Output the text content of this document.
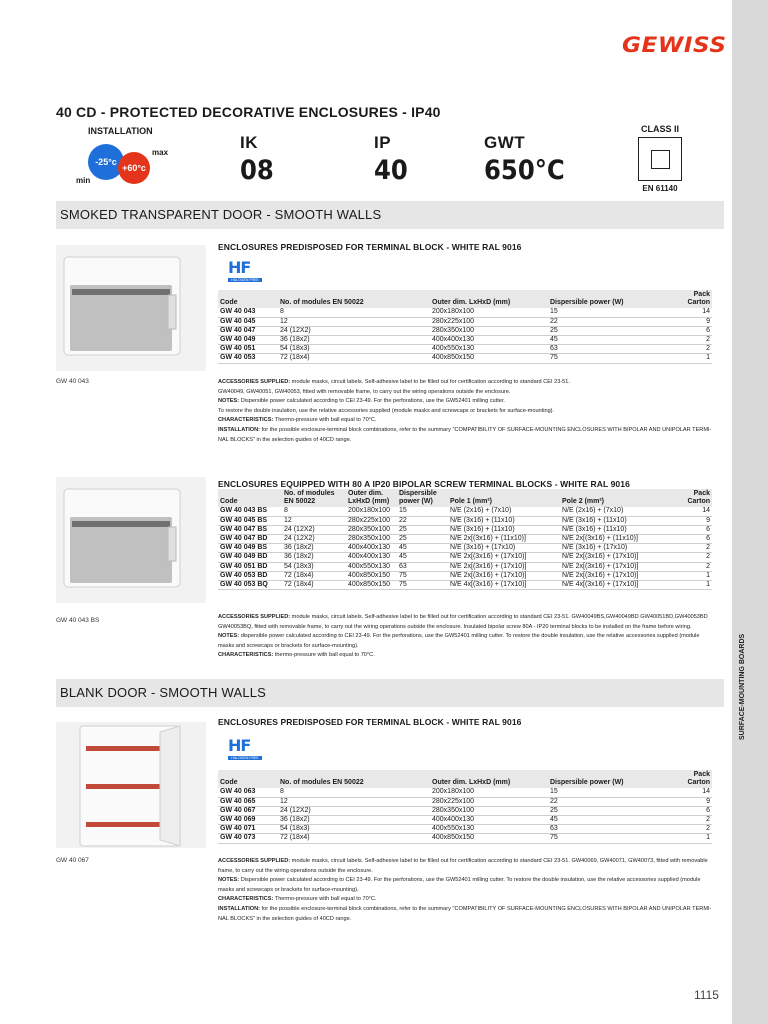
SURFACE-MOUNTING BOARDS
GEWISS
40 CD - PROTECTED DECORATIVE ENCLOSURES - IP40
INSTALLATION
-25°c
+60°c
min
max
IK
08
IP
40
GWT
650°C
CLASS II
EN 61140
SMOKED TRANSPARENT DOOR - SMOOTH WALLS
GW 40 043
ENCLOSURES PREDISPOSED FOR TERMINAL BLOCK - WHITE RAL 9016
HF
HALOGEN FREE
Code	No. of modules EN 50022	Outer dim. LxHxD (mm)	Dispersible power (W)	Pack Carton
GW 40 043	8	200x180x100	15	14
GW 40 045	12	280x225x100	22	9
GW 40 047	24 (12X2)	280x350x100	25	6
GW 40 049	36 (18x2)	400x400x130	45	2
GW 40 051	54 (18x3)	400x550x130	63	2
GW 40 053	72 (18x4)	400x850x150	75	1
ACCESSORIES SUPPLIED: module masks, circuit labels. Self-adhesive label to be filled out for certification according to standard CEI 23-51.
GW40049, GW40051, GW40053, fitted with removable frame, to carry out the wiring operations outside the enclosure.
NOTES: Dispersible power calculated according to CEI 23-49. For the perforations, use the GW52401 milling cutter.
To restore the double insulation, use the relative accessories supplied (module masks and screwcaps or brackets for surface-mounting).
CHARACTERISTICS: Thermo-pressure with ball equal to 70°C.
INSTALLATION: for the possible enclosure-terminal block combinations, refer to the summary "COMPATIBILITY OF SURFACE-MOUNTING ENCLOSURES WITH BIPOLAR AND UNIPOLAR TERMI-
NAL BLOCKS" in the selection guides of 40CD range.
GW 40 043 BS
ENCLOSURES EQUIPPED WITH 80 A IP20 BIPOLAR SCREW TERMINAL BLOCKS - WHITE RAL 9016
Code	No. of modules EN 50022	Outer dim. LxHxD (mm)	Dispersible power (W)	Pole 1 (mm²)	Pole 2 (mm²)	Pack Carton
GW 40 043 BS	8	200x180x100	15	N/E (2x16) + (7x10)	N/E (2x16) + (7x10)	14
GW 40 045 BS	12	280x225x100	22	N/E (3x16) + (11x10)	N/E (3x16) + (11x10)	9
GW 40 047 BS	24 (12X2)	280x350x100	25	N/E (3x16) + (11x10)	N/E (3x16) + (11x10)	6
GW 40 047 BD	24 (12X2)	280x350x100	25	N/E 2x[(3x16) + (11x10)]	N/E 2x[(3x16) + (11x10)]	6
GW 40 049 BS	36 (18x2)	400x400x130	45	N/E (3x16) + (17x10)	N/E (3x16) + (17x10)	2
GW 40 049 BD	36 (18x2)	400x400x130	45	N/E 2x[(3x16) + (17x10)]	N/E 2x[(3x16) + (17x10)]	2
GW 40 051 BD	54 (18x3)	400x550x130	63	N/E 2x[(3x16) + (17x10)]	N/E 2x[(3x16) + (17x10)]	2
GW 40 053 BD	72 (18x4)	400x850x150	75	N/E 2x[(3x16) + (17x10)]	N/E 2x[(3x16) + (17x10)]	1
GW 40 053 BQ	72 (18x4)	400x850x150	75	N/E 4x[(3x16) + (17x10)]	N/E 4x[(3x16) + (17x10)]	1
ACCESSORIES SUPPLIED: module masks, circuit labels. Self-adhesive label to be filled out for certification according to standard CEI 23-51. GW40049BS,GW40049BD GW40051BD,GW40053BD
GW40053BQ, fitted with removable frame, to carry out the wiring operations outside the enclosure. Insulated bipolar screw 80A - IP20 terminal blocks to be installed on the frame before wiring.
NOTES: dispersible power calculated according to CEI 23-49. For the perforations, use the GW52401 milling cutter. To restore the double insulation, use the relative accessories supplied (module
masks and screwcaps or brackets for surface-mounting).
CHARACTERISTICS: thermo-pressure with ball equal to 70°C.
BLANK DOOR - SMOOTH WALLS
GW 40 067
ENCLOSURES PREDISPOSED FOR TERMINAL BLOCK - WHITE RAL 9016
HF
HALOGEN FREE
Code	No. of modules EN 50022	Outer dim. LxHxD (mm)	Dispersible power (W)	Pack Carton
GW 40 063	8	200x180x100	15	14
GW 40 065	12	280x225x100	22	9
GW 40 067	24 (12X2)	280x350x100	25	6
GW 40 069	36 (18x2)	400x400x130	45	2
GW 40 071	54 (18x3)	400x550x130	63	2
GW 40 073	72 (18x4)	400x850x150	75	1
ACCESSORIES SUPPLIED: module masks, circuit labels. Self-adhesive label to be filled out for certification according to standard CEI 23-51. GW40069, GW40071, GW40073, fitted with removable
frame, to carry out the wiring operations outside the enclosure.
NOTES: Dispersible power calculated according to CEI 23-49. For the perforations, use the GW52401 milling cutter. To restore the double insulation, use the relative accessories supplied (module
masks and screwcaps or brackets for surface-mounting).
CHARACTERISTICS: Thermo-pressure with ball equal to 70°C.
INSTALLATION: for the possible enclosure-terminal block combinations, refer to the summary "COMPATIBILITY OF SURFACE-MOUNTING ENCLOSURES WITH BIPOLAR AND UNIPOLAR TERMI-
NAL BLOCKS" in the selection guides of 40CD range.
1115
